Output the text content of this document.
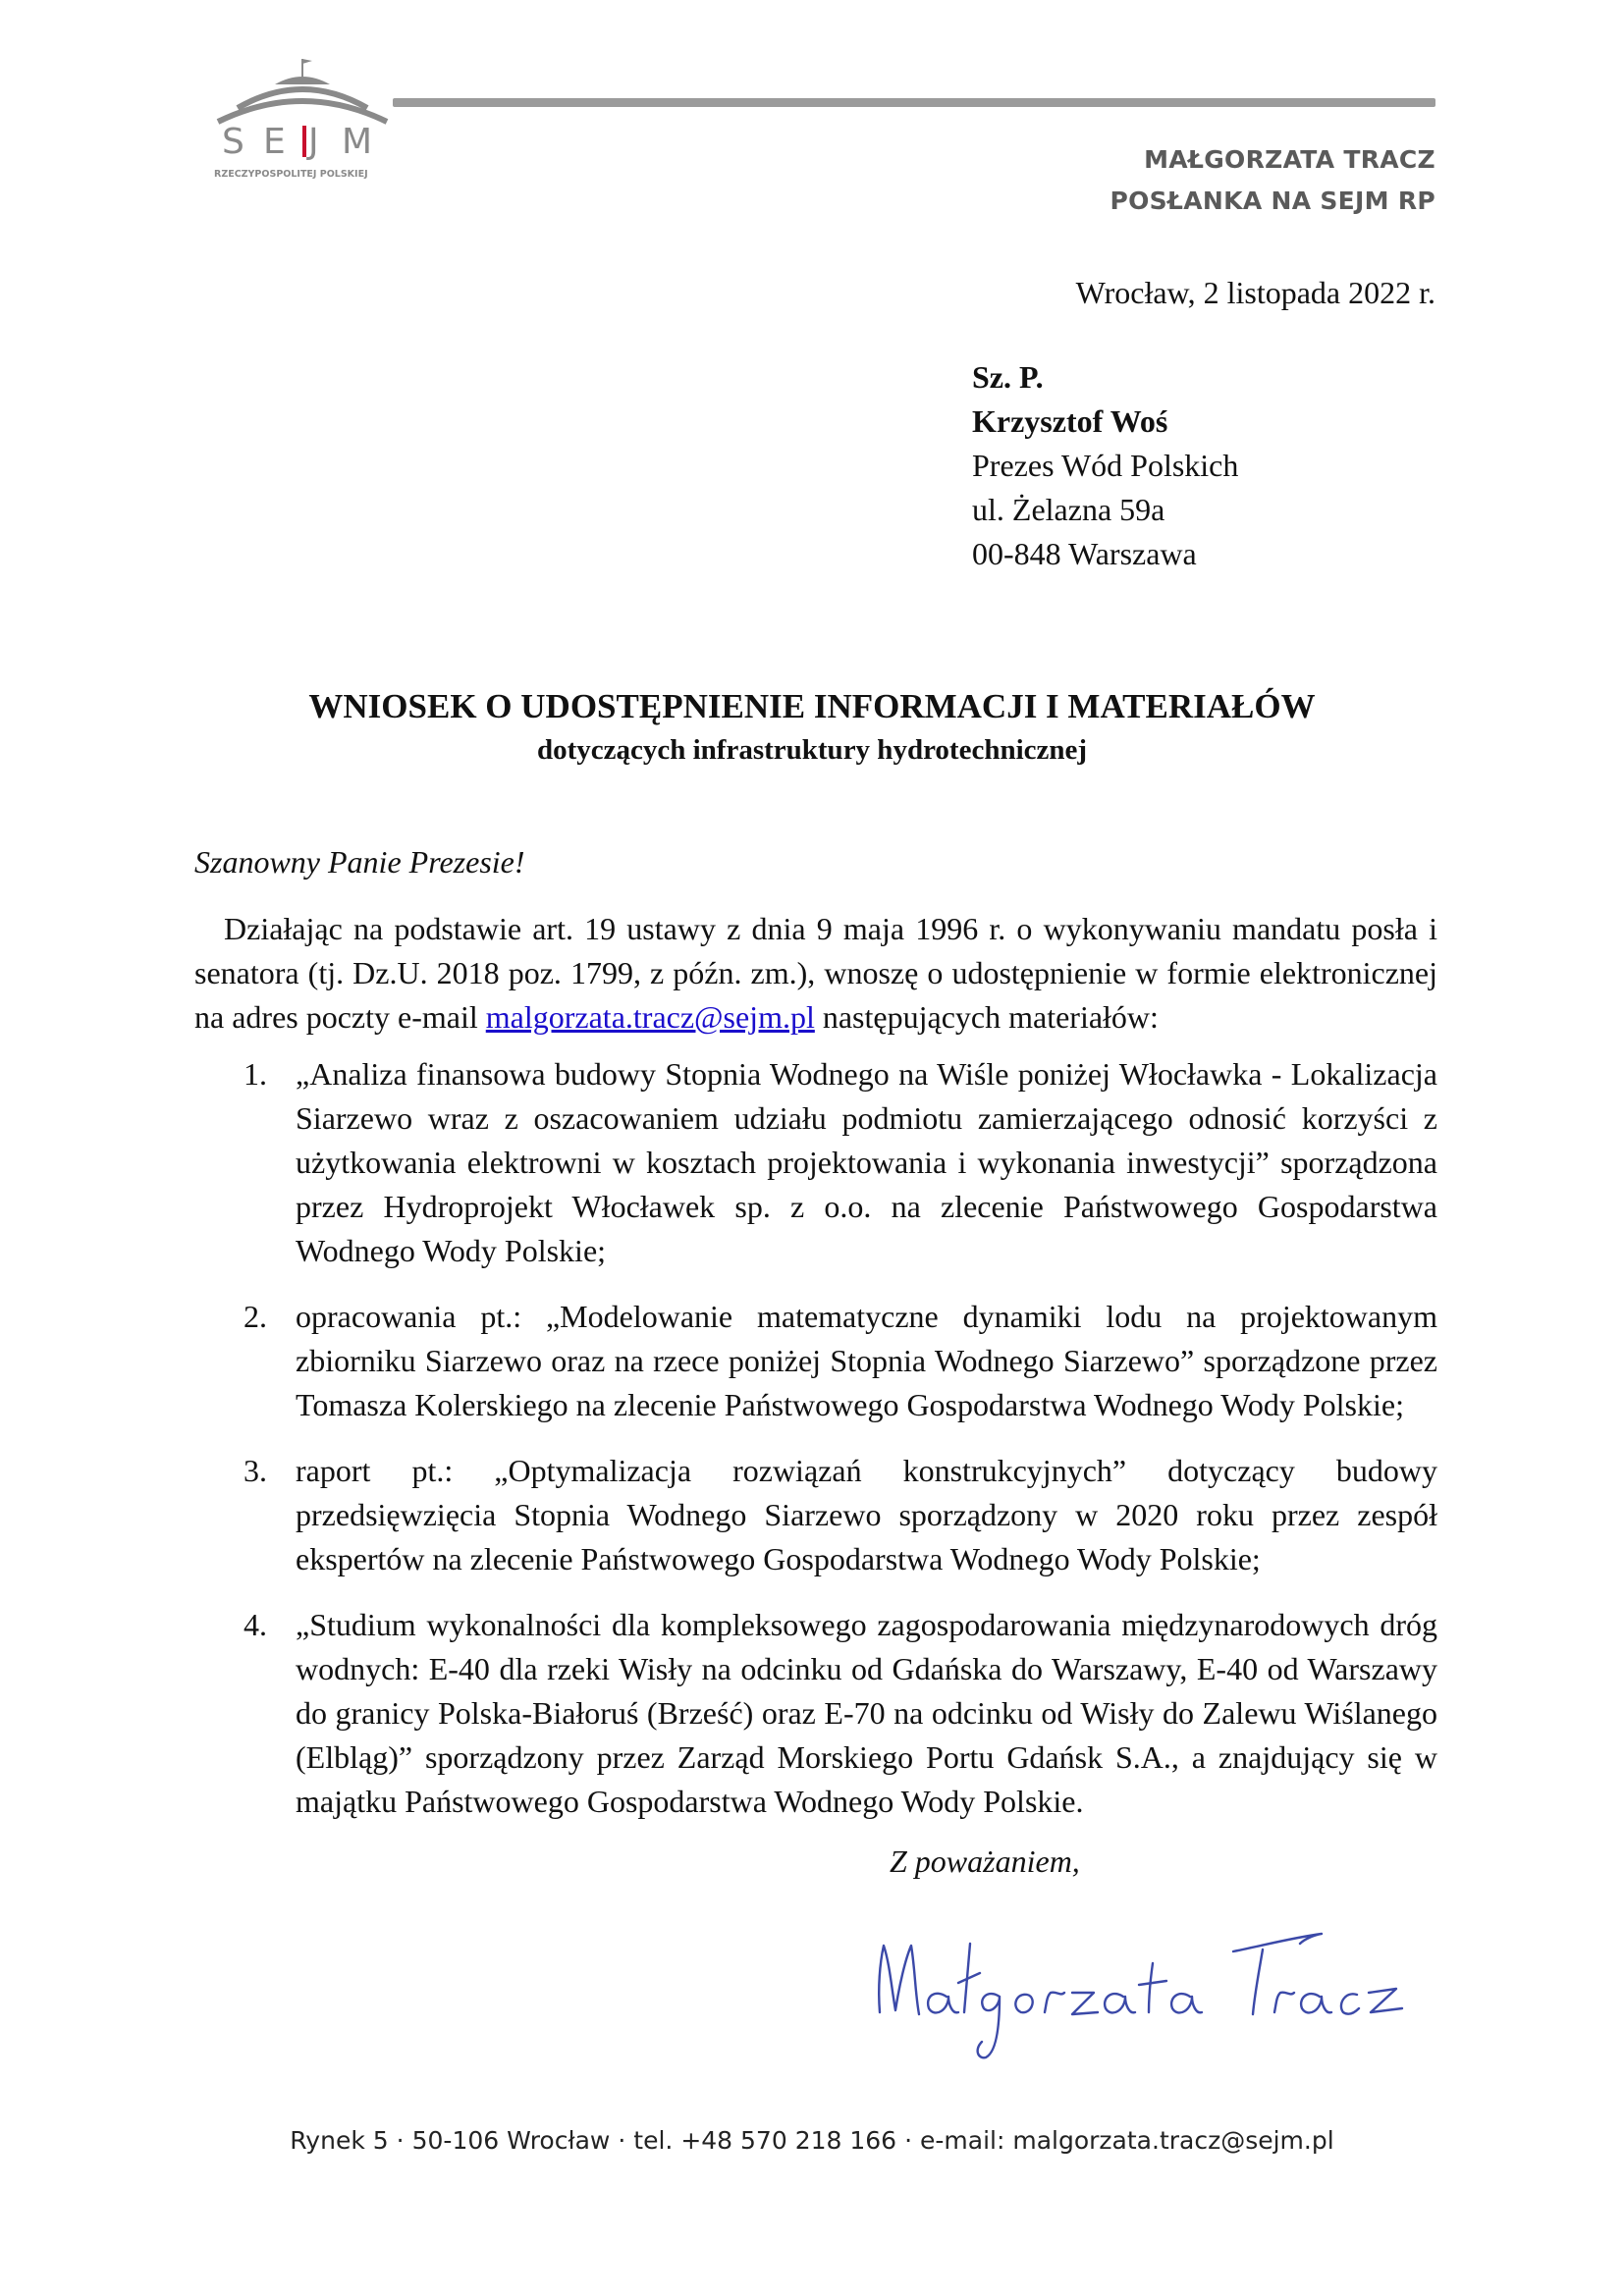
S E J M
RZECZYPOSPOLITEJ POLSKIEJ
MAŁGORZATA TRACZ
POSŁANKA NA SEJM RP
Wrocław, 2 listopada 2022 r.
Sz. P.
Krzysztof Woś
Prezes Wód Polskich
ul. Żelazna 59a
00-848 Warszawa
WNIOSEK O UDOSTĘPNIENIE INFORMACJI I MATERIAŁÓW
dotyczących infrastruktury hydrotechnicznej
Szanowny Panie Prezesie!
Działając na podstawie art. 19 ustawy z dnia 9 maja 1996 r. o wykonywaniu mandatu posła i senatora (tj. Dz.U. 2018 poz. 1799, z późn. zm.), wnoszę o udostępnienie w formie elektronicznej na adres poczty e-mail malgorzata.tracz@sejm.pl następujących materiałów:
1. „Analiza finansowa budowy Stopnia Wodnego na Wiśle poniżej Włocławka - Lokalizacja Siarzewo wraz z oszacowaniem udziału podmiotu zamierzającego odnosić korzyści z użytkowania elektrowni w kosztach projektowania i wykonania inwestycji” sporządzona przez Hydroprojekt Włocławek sp. z o.o. na zlecenie Państwowego Gospodarstwa Wodnego Wody Polskie;
2. opracowania pt.: „Modelowanie matematyczne dynamiki lodu na projektowanym zbiorniku Siarzewo oraz na rzece poniżej Stopnia Wodnego Siarzewo” sporządzone przez Tomasza Kolerskiego na zlecenie Państwowego Gospodarstwa Wodnego Wody Polskie;
3. raport pt.: „Optymalizacja rozwiązań konstrukcyjnych” dotyczący budowy przedsięwzięcia Stopnia Wodnego Siarzewo sporządzony w 2020 roku przez zespół ekspertów na zlecenie Państwowego Gospodarstwa Wodnego Wody Polskie;
4. „Studium wykonalności dla kompleksowego zagospodarowania międzynarodowych dróg wodnych: E-40 dla rzeki Wisły na odcinku od Gdańska do Warszawy, E-40 od Warszawy do granicy Polska-Białoruś (Brześć) oraz E-70 na odcinku od Wisły do Zalewu Wiślanego (Elbląg)” sporządzony przez Zarząd Morskiego Portu Gdańsk S.A., a znajdujący się w majątku Państwowego Gospodarstwa Wodnego Wody Polskie.
Z poważaniem,
Rynek 5 · 50-106 Wrocław · tel. +48 570 218 166 · e-mail: malgorzata.tracz@sejm.pl
